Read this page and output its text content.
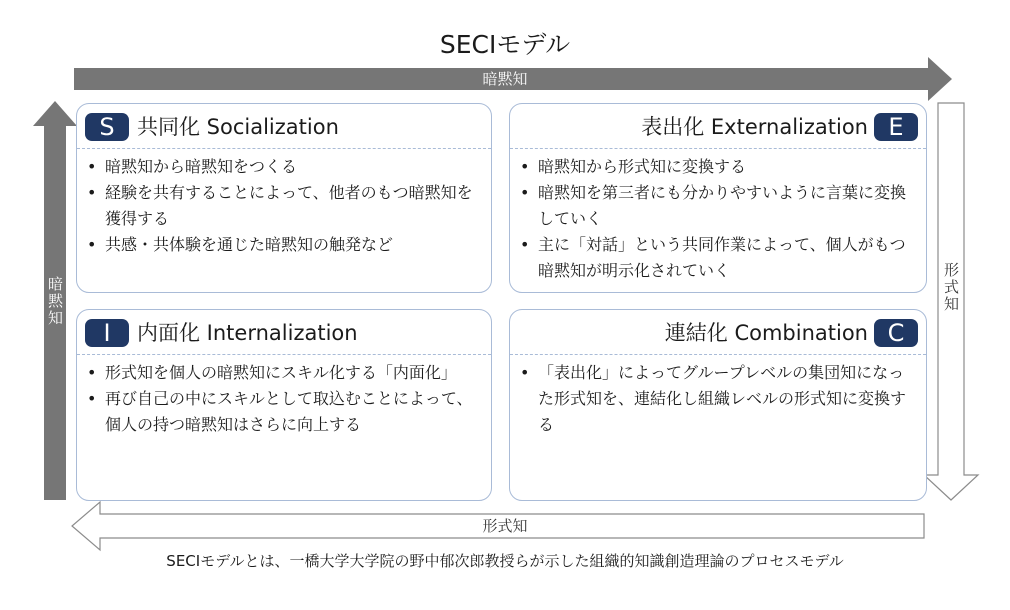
SECIモデル
暗黙知
暗黙知	形式知
形式知
S	共同化 Socialization
• 暗黙知から暗黙知をつくる
• 経験を共有することによって、他者のもつ暗黙知を獲得する
• 共感・共体験を通じた暗黙知の触発など
表出化 Externalization E
• 暗黙知から形式知に変換する
• 暗黙知を第三者にも分かりやすいように言葉に変換していく
• 主に「対話」という共同作業によって、個人がもつ暗黙知が明示化されていく
I	内面化 Internalization
• 形式知を個人の暗黙知にスキル化する「内面化」
• 再び自己の中にスキルとして取込むことによって、個人の持つ暗黙知はさらに向上する
連結化 Combination C
• 「表出化」によってグループレベルの集団知になった形式知を、連結化し組織レベルの形式知に変換する
SECIモデルとは、一橋大学大学院の野中郁次郎教授らが示した組織的知識創造理論のプロセスモデル
